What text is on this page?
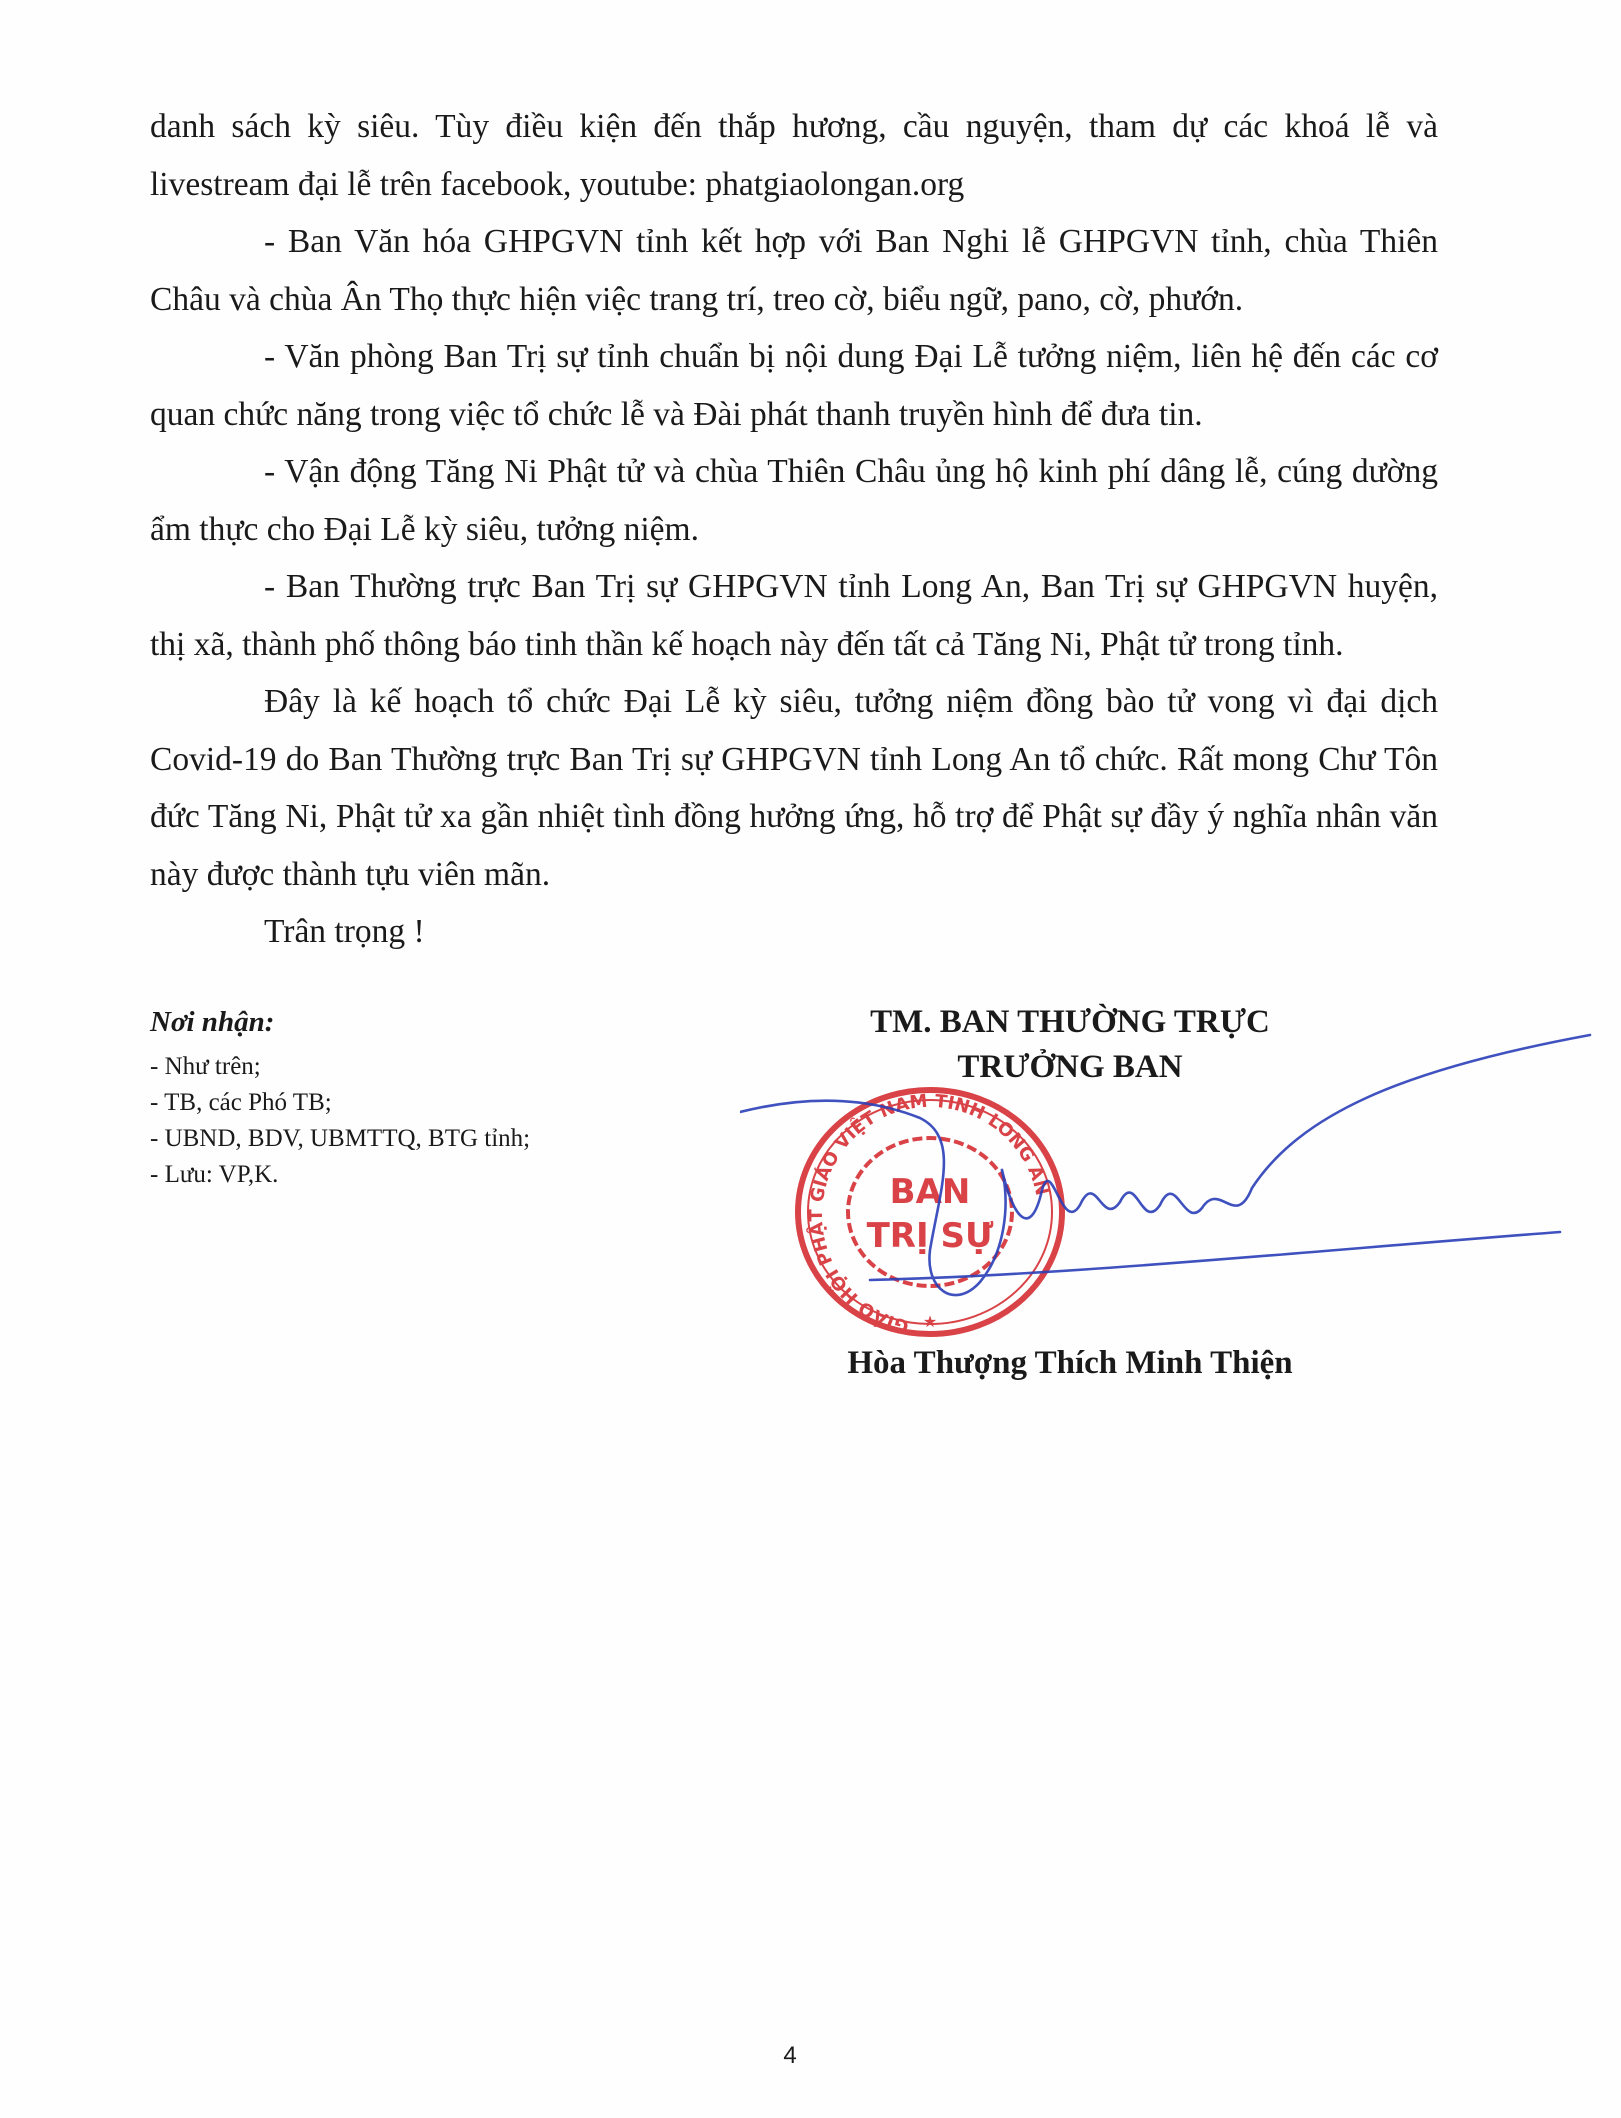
danh sách kỳ siêu. Tùy điều kiện đến thắp hương, cầu nguyện, tham dự các khoá lễ và livestream đại lễ trên facebook, youtube: phatgiaolongan.org

- Ban Văn hóa GHPGVN tỉnh kết hợp với Ban Nghi lễ GHPGVN tỉnh, chùa Thiên Châu và chùa Ân Thọ thực hiện việc trang trí, treo cờ, biểu ngữ, pano, cờ, phướn.

- Văn phòng Ban Trị sự tỉnh chuẩn bị nội dung Đại Lễ tưởng niệm, liên hệ đến các cơ quan chức năng trong việc tổ chức lễ và Đài phát thanh truyền hình để đưa tin.

- Vận động Tăng Ni Phật tử và chùa Thiên Châu ủng hộ kinh phí dâng lễ, cúng dường ẩm thực cho Đại Lễ kỳ siêu, tưởng niệm.

- Ban Thường trực Ban Trị sự GHPGVN tỉnh Long An, Ban Trị sự GHPGVN huyện, thị xã, thành phố thông báo tinh thần kế hoạch này đến tất cả Tăng Ni, Phật tử trong tỉnh.

Đây là kế hoạch tổ chức Đại Lễ kỳ siêu, tưởng niệm đồng bào tử vong vì đại dịch Covid-19 do Ban Thường trực Ban Trị sự GHPGVN tỉnh Long An tổ chức. Rất mong Chư Tôn đức Tăng Ni, Phật tử xa gần nhiệt tình đồng hưởng ứng, hỗ trợ để Phật sự đầy ý nghĩa nhân văn này được thành tựu viên mãn.

Trân trọng !

Nơi nhận:

- Như trên;
- TB, các Phó TB;
- UBND, BDV, UBMTTQ, BTG tỉnh;
- Lưu: VP,K.
TM. BAN THƯỜNG TRỰC
TRƯỞNG BAN
GIÁO HỘI PHẬT GIÁO VIỆT NAM TỈNH LONG AN
BAN
TRỊ SỰ
★

Hòa Thượng Thích Minh Thiện

4
